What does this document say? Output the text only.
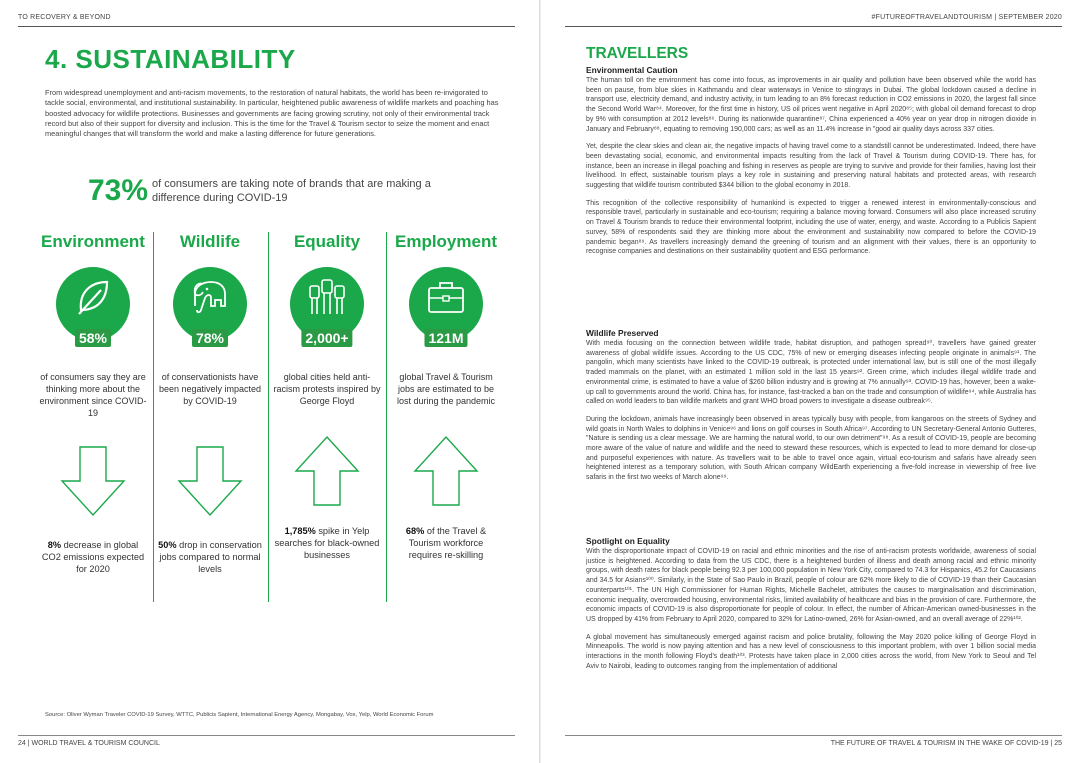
TO RECOVERY & BEYOND
4. SUSTAINABILITY
From widespread unemployment and anti-racism movements, to the restoration of natural habitats, the world has been re-invigorated to tackle social, environmental, and institutional sustainability. In particular, heightened public awareness of wildlife markets and poaching has boosted advocacy for wildlife protections. Businesses and governments are facing growing scrutiny, not only of their environmental track record but also of their support for diversity and inclusion. This is the time for the Travel & Tourism sector to seize the moment and enact meaningful changes that will transform the world and make a lasting difference for future generations.
73% of consumers are taking note of brands that are making a difference during COVID-19
Environment
58%
of consumers say they are thinking more about the environment since COVID-19
8% decrease in global CO2 emissions expected for 2020
Wildlife
78%
of conservationists have been negatively impacted by COVID-19
50% drop in conservation jobs compared to normal levels
Equality
2,000+
global cities held anti-racism protests inspired by George Floyd
1,785% spike in Yelp searches for black-owned businesses
Employment
121M
global Travel & Tourism jobs are estimated to be lost during the pandemic
68% of the Travel & Tourism workforce requires re-skilling
Source: Oliver Wyman Traveler COVID-19 Survey, WTTC, Publicis Sapient, International Energy Agency, Mongabay, Vox, Yelp, World Economic Forum
24 | WORLD TRAVEL & TOURISM COUNCIL
#FUTUREOFTRAVELANDTOURISM | SEPTEMBER 2020
TRAVELLERS
Environmental Caution

The human toll on the environment has come into focus, as improvements in air quality and pollution have been observed while the world has been on pause, from blue skies in Kathmandu and clear waterways in Venice to stingrays in Dubai. The global lockdown caused a decline in transport use, electricity demand, and industry activity, in turn leading to an 8% forecast reduction in CO2 emissions in 2020, the largest fall since the Second World War⁸⁴. Moreover, for the first time in history, US oil prices went negative in April 2020⁸⁵; with global oil demand forecast to drop by 9% with consumption at 2012 levels⁸⁶. During its nationwide quarantine⁸⁷, China experienced a 40% year on year drop in nitrogen dioxide in January and February⁸⁸, equating to removing 190,000 cars; as well as an 11.4% increase in "good air quality days across 337 cities.

Yet, despite the clear skies and clean air, the negative impacts of having travel come to a standstill cannot be underestimated. Indeed, there have been devastating social, economic, and environmental impacts resulting from the lack of Travel & Tourism during COVID-19. There has, for instance, been an increase in illegal poaching and fishing in reserves as people are trying to survive and provide for their families, having lost their livelihood. In effect, sustainable tourism plays a key role in sustaining and preserving natural habitats and protected areas, with research suggesting that wildlife tourism contributed $344 billion to the global economy in 2018.

This recognition of the collective responsibility of humankind is expected to trigger a renewed interest in environmentally-conscious and responsible travel, particularly in sustainable and eco-tourism; requiring a balance moving forward. Consumers will also place increased scrutiny on Travel & Tourism brands to reduce their environmental footprint, including the use of water, energy, and waste. According to a Publicis Sapient survey, 58% of respondents said they are thinking more about the environment and sustainability now compared to before the COVID-19 pandemic began⁸⁹. As travellers increasingly demand the greening of tourism and an alignment with their values, there is an opportunity to recognise companies and destinations on their sustainability quotient and ESG performance.

Wildlife Preserved

With media focusing on the connection between wildlife trade, habitat disruption, and pathogen spread⁹⁰, travellers have gained greater awareness of global wildlife issues. According to the US CDC, 75% of new or emerging diseases infecting people originate in animals⁹¹. The pangolin, which many scientists have linked to the COVID-19 outbreak, is protected under international law, but is still one of the most illegally traded mammals on the planet, with an estimated 1 million sold in the last 15 years⁹². Green crime, which includes illegal wildlife trade and environmental crime, is estimated to have a value of $260 billion industry and is growing at 7% annually⁹³. COVID-19 has, however, been a wake-up call to governments around the world. China has, for instance, fast-tracked a ban on the trade and consumption of wildlife⁹⁴, while Australia has called on world leaders to ban wildlife markets and grant WHO broad powers to investigate a disease outbreak⁹⁵.

During the lockdown, animals have increasingly been observed in areas typically busy with people, from kangaroos on the streets of Sydney and wild goats in North Wales to dolphins in Venice⁹⁶ and lions on golf courses in South Africa⁹⁷. According to UN Secretary-General Antonio Gutteres, "Nature is sending us a clear message. We are harming the natural world, to our own detriment"⁹⁸. As a result of COVID-19, people are becoming more aware of the value of nature and wildlife and the need to steward these resources, which is expected to lead to more demand for close-up and purposeful experiences with nature. As travellers wait to be able to travel once again, virtual eco-tourism and safaris have already seen heightened interest as a temporary solution, with South African company WildEarth experiencing a five-fold increase in viewership of free live safaris in the first two weeks of March alone⁹⁹.

Spotlight on Equality

With the disproportionate impact of COVID-19 on racial and ethnic minorities and the rise of anti-racism protests worldwide, awareness of social justice is heightened. According to data from the US CDC, there is a heightened burden of illness and death among racial and ethnic minority groups, with death rates for black people being 92.3 per 100,000 population in New York City, compared to 74.3 for Hispanics, 45.2 for Caucasians and 34.5 for Asians¹⁰⁰. Similarly, in the State of Sao Paulo in Brazil, people of colour are 62% more likely to die of COVID-19 than their Caucasian counterparts¹⁰¹. The UN High Commissioner for Human Rights, Michelle Bachelet, attributes the causes to marginalisation and discrimination, economic inequality, overcrowded housing, environmental risks, limited availability of healthcare and bias in the provision of care. Furthermore, the economic impacts of COVID-19 is also disproportionate for people of colour. In effect, the number of African-American owned-businesses in the US dropped by 41% from February to April 2020, compared to 32% for Latino-owned, 26% for Asian-owned, and an overall average of 22%¹⁰².

A global movement has simultaneously emerged against racism and police brutality, following the May 2020 police killing of George Floyd in Minneapolis. The world is now paying attention and has a new level of consciousness to this important problem, with over 1 billion social media interactions in the month following Floyd's death¹⁰³. Protests have taken place in 2,000 cities across the world, from New York to Seoul and Tel Aviv to Nairobi, leading to outcomes ranging from the implementation of additional

THE FUTURE OF TRAVEL & TOURISM IN THE WAKE OF COVID-19 | 25
